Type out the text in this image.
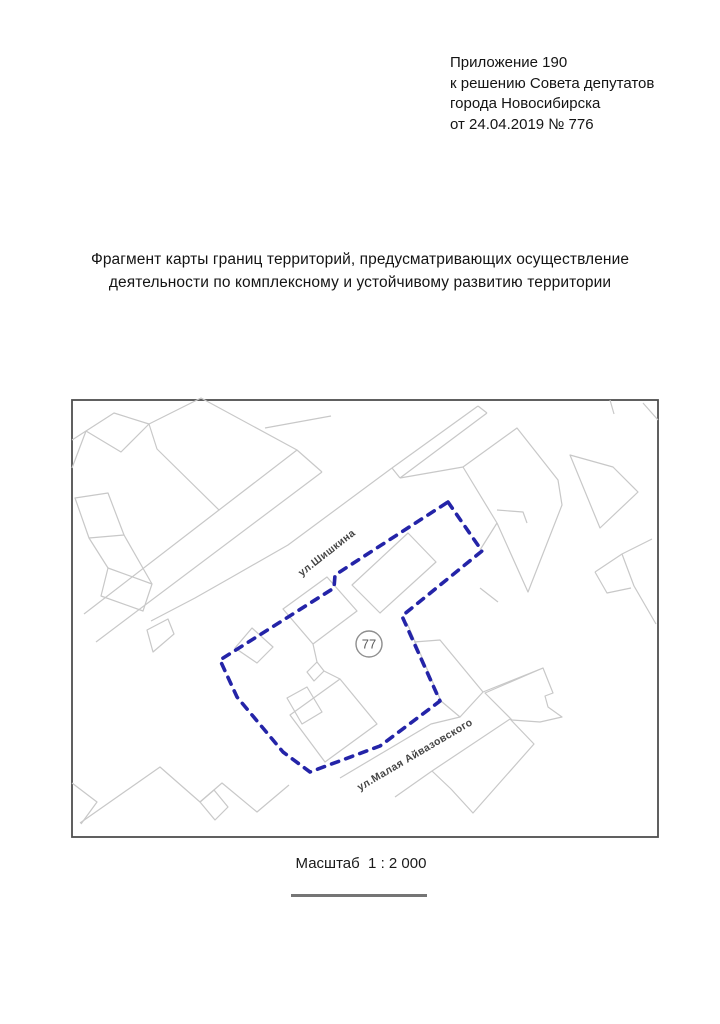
Приложение 190
к решению Совета депутатов
города Новосибирска
от 24.04.2019 № 776
Фрагмент карты границ территорий, предусматривающих осуществление
деятельности по комплексному и устойчивому развитию территории
ул.Шишкина
ул.Малая Айвазовского
77
Масштаб  1 : 2 000
